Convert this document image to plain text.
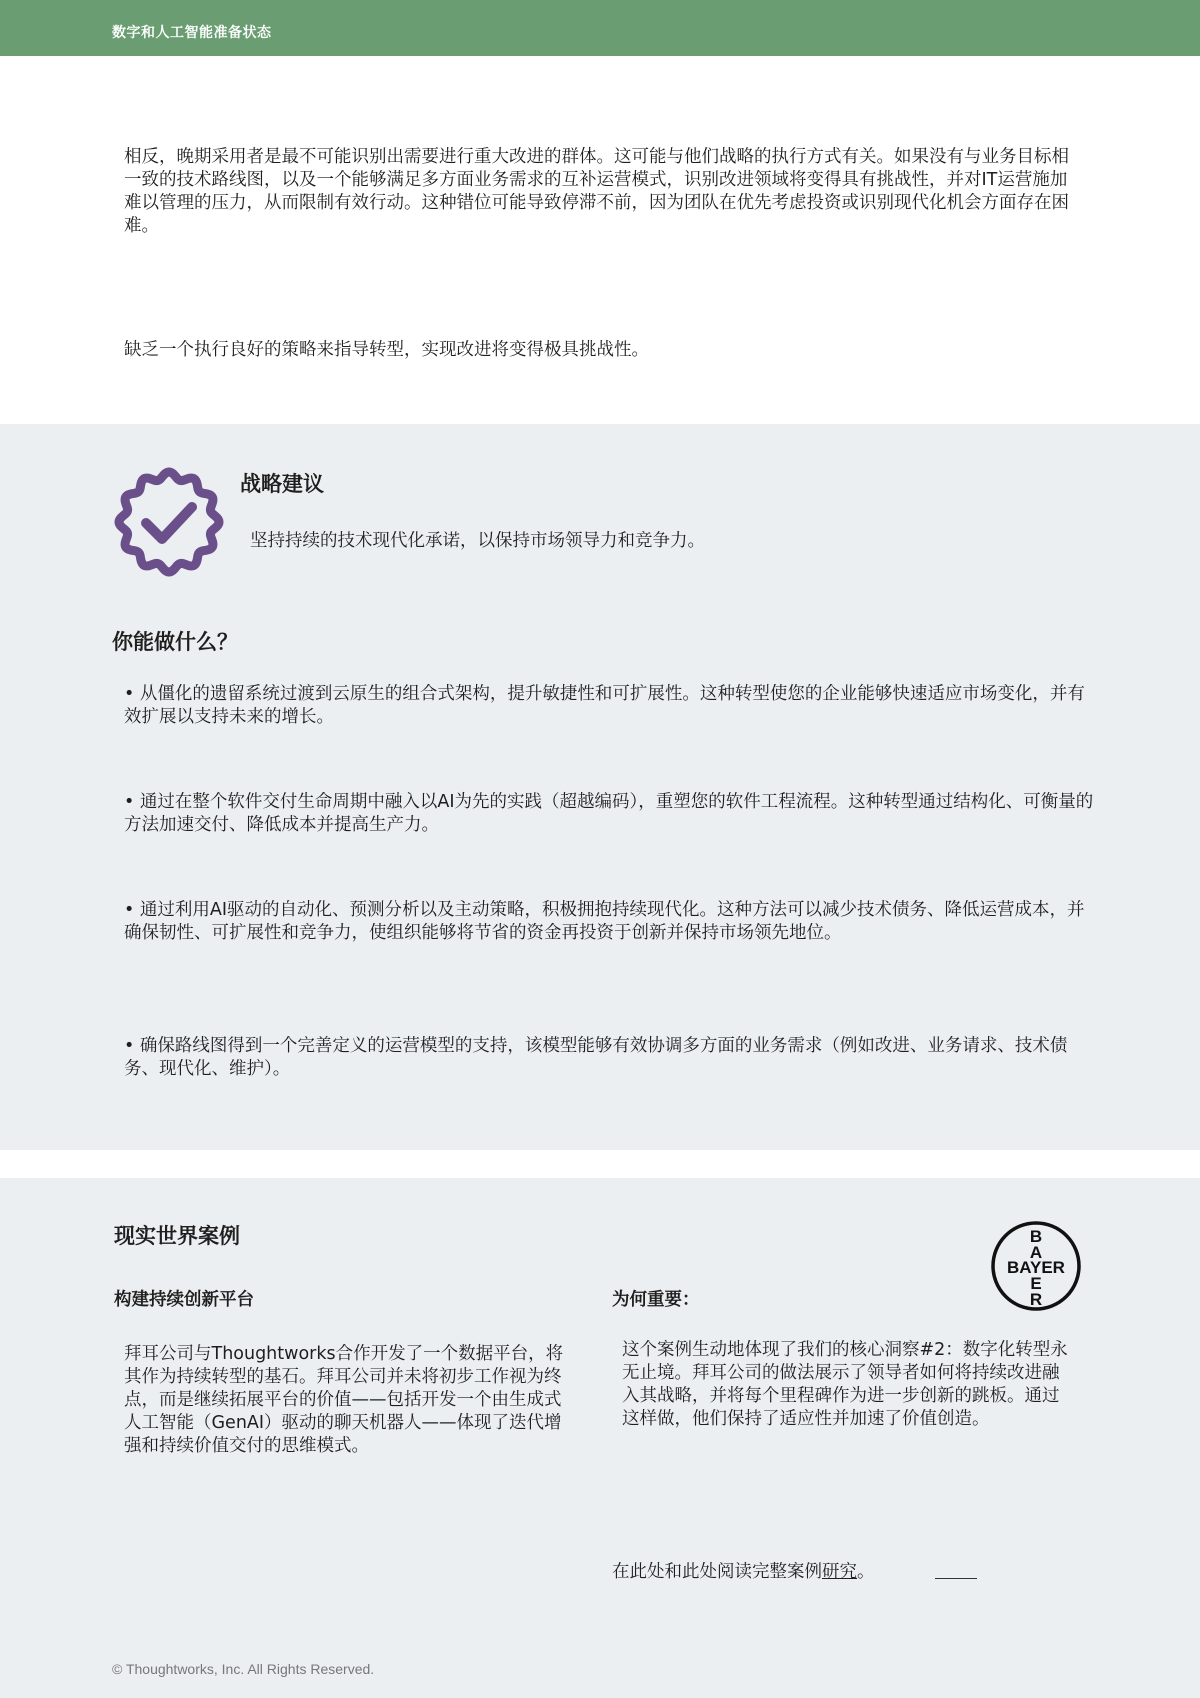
数字和人工智能准备状态

相反，晚期采用者是最不可能识别出需要进行重大改进的群体。这可能与他们战略的执行方式有关。如果没有与业务目标相一致的技术路线图，以及一个能够满足多方面业务需求的互补运营模式，识别改进领域将变得具有挑战性，并对IT运营施加难以管理的压力，从而限制有效行动。这种错位可能导致停滞不前，因为团队在优先考虑投资或识别现代化机会方面存在困难。

缺乏一个执行良好的策略来指导转型，实现改进将变得极具挑战性。

战略建议

坚持持续的技术现代化承诺，以保持市场领导力和竞争力。

你能做什么？

• 从僵化的遗留系统过渡到云原生的组合式架构，提升敏捷性和可扩展性。这种转型使您的企业能够快速适应市场变化，并有效扩展以支持未来的增长。

• 通过在整个软件交付生命周期中融入以AI为先的实践（超越编码），重塑您的软件工程流程。这种转型通过结构化、可衡量的方法加速交付、降低成本并提高生产力。

• 通过利用AI驱动的自动化、预测分析以及主动策略，积极拥抱持续现代化。这种方法可以减少技术债务、降低运营成本，并确保韧性、可扩展性和竞争力，使组织能够将节省的资金再投资于创新并保持市场领先地位。

• 确保路线图得到一个完善定义的运营模型的支持，该模型能够有效协调多方面的业务需求（例如改进、业务请求、技术债务、现代化、维护）。

现实世界案例
构建持续创新平台

拜耳公司与Thoughtworks合作开发了一个数据平台，将其作为持续转型的基石。拜耳公司并未将初步工作视为终点，而是继续拓展平台的价值——包括开发一个由生成式人工智能（GenAI）驱动的聊天机器人——体现了迭代增强和持续价值交付的思维模式。

为何重要：

这个案例生动地体现了我们的核心洞察#2：数字化转型永无止境。拜耳公司的做法展示了领导者如何将持续改进融入其战略，并将每个里程碑作为进一步创新的跳板。通过这样做，他们保持了适应性并加速了价值创造。

B
A
BAYER
E
R

在此处和此处阅读完整案例研究。

© Thoughtworks, Inc. All Rights Reserved.
